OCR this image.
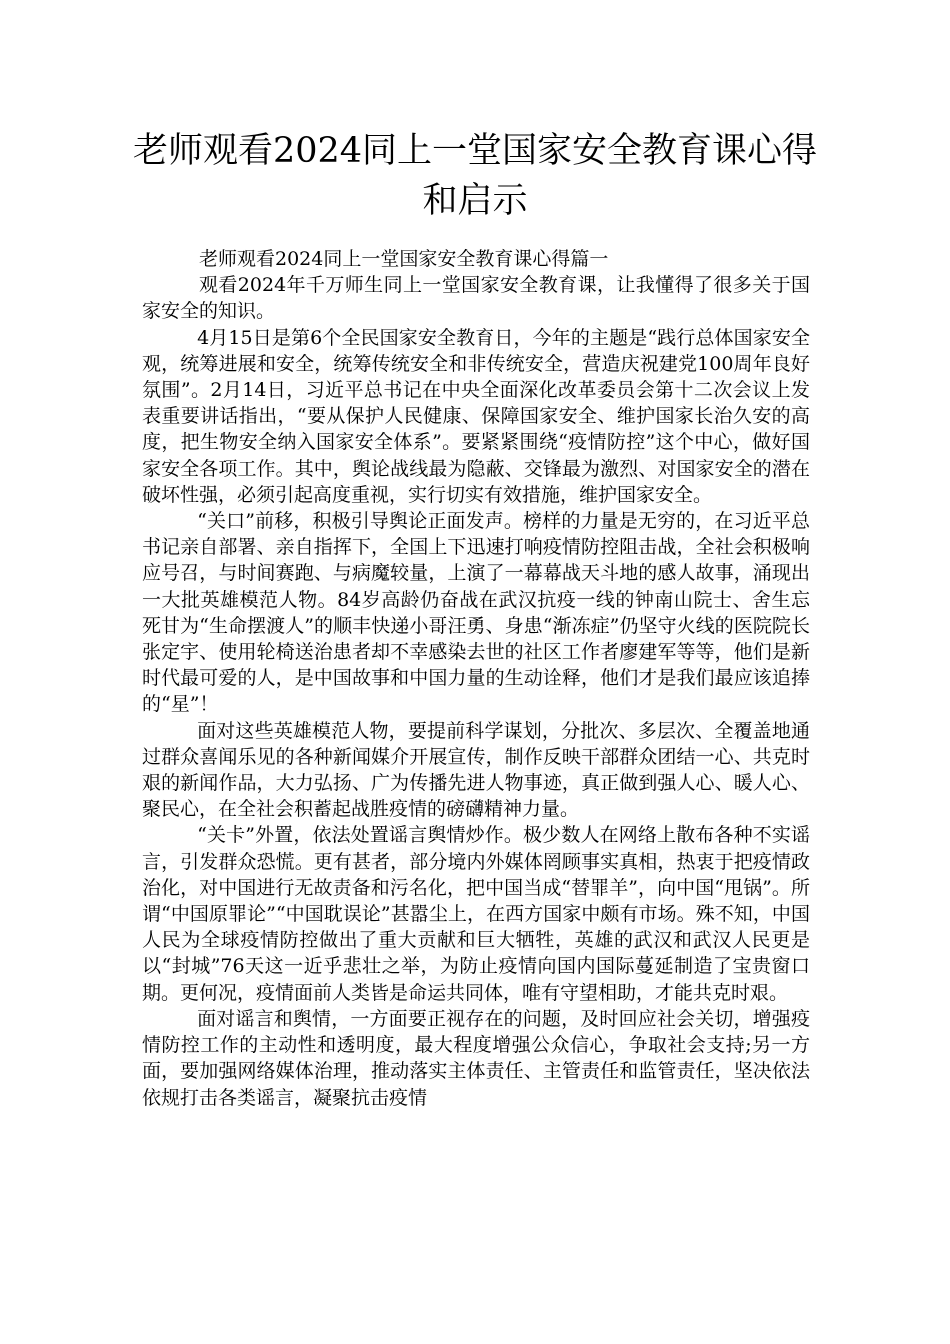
老师观看2024同上一堂国家安全教育课心得和启示

老师观看2024同上一堂国家安全教育课心得篇一

观看2024年千万师生同上一堂国家安全教育课，让我懂得了很多关于国家安全的知识。

4月15日是第6个全民国家安全教育日，今年的主题是“践行总体国家安全观，统筹进展和安全，统筹传统安全和非传统安全，营造庆祝建党100周年良好氛围”。2月14日，习近平总书记在中央全面深化改革委员会第十二次会议上发表重要讲话指出，“要从保护人民健康、保障国家安全、维护国家长治久安的高度，把生物安全纳入国家安全体系”。要紧紧围绕“疫情防控”这个中心，做好国家安全各项工作。其中，舆论战线最为隐蔽、交锋最为激烈、对国家安全的潜在破坏性强，必须引起高度重视，实行切实有效措施，维护国家安全。

“关口”前移，积极引导舆论正面发声。榜样的力量是无穷的，在习近平总书记亲自部署、亲自指挥下，全国上下迅速打响疫情防控阻击战，全社会积极响应号召，与时间赛跑、与病魔较量，上演了一幕幕战天斗地的感人故事，涌现出一大批英雄模范人物。84岁高龄仍奋战在武汉抗疫一线的钟南山院士、舍生忘死甘为“生命摆渡人”的顺丰快递小哥汪勇、身患“渐冻症”仍坚守火线的医院院长张定宇、使用轮椅送治患者却不幸感染去世的社区工作者廖建军等等，他们是新时代最可爱的人，是中国故事和中国力量的生动诠释，他们才是我们最应该追捧的“星”！

面对这些英雄模范人物，要提前科学谋划，分批次、多层次、全覆盖地通过群众喜闻乐见的各种新闻媒介开展宣传，制作反映干部群众团结一心、共克时艰的新闻作品，大力弘扬、广为传播先进人物事迹，真正做到强人心、暖人心、聚民心，在全社会积蓄起战胜疫情的磅礴精神力量。

“关卡”外置，依法处置谣言舆情炒作。极少数人在网络上散布各种不实谣言，引发群众恐慌。更有甚者，部分境内外媒体罔顾事实真相，热衷于把疫情政治化，对中国进行无故责备和污名化，把中国当成“替罪羊”，向中国“甩锅”。所谓“中国原罪论”“中国耽误论”甚嚣尘上，在西方国家中颇有市场。殊不知，中国人民为全球疫情防控做出了重大贡献和巨大牺牲，英雄的武汉和武汉人民更是以“封城”76天这一近乎悲壮之举，为防止疫情向国内国际蔓延制造了宝贵窗口期。更何况，疫情面前人类皆是命运共同体，唯有守望相助，才能共克时艰。

面对谣言和舆情，一方面要正视存在的问题，及时回应社会关切，增强疫情防控工作的主动性和透明度，最大程度增强公众信心，争取社会支持;另一方面，要加强网络媒体治理，推动落实主体责任、主管责任和监管责任，坚决依法依规打击各类谣言，凝聚抗击疫情
